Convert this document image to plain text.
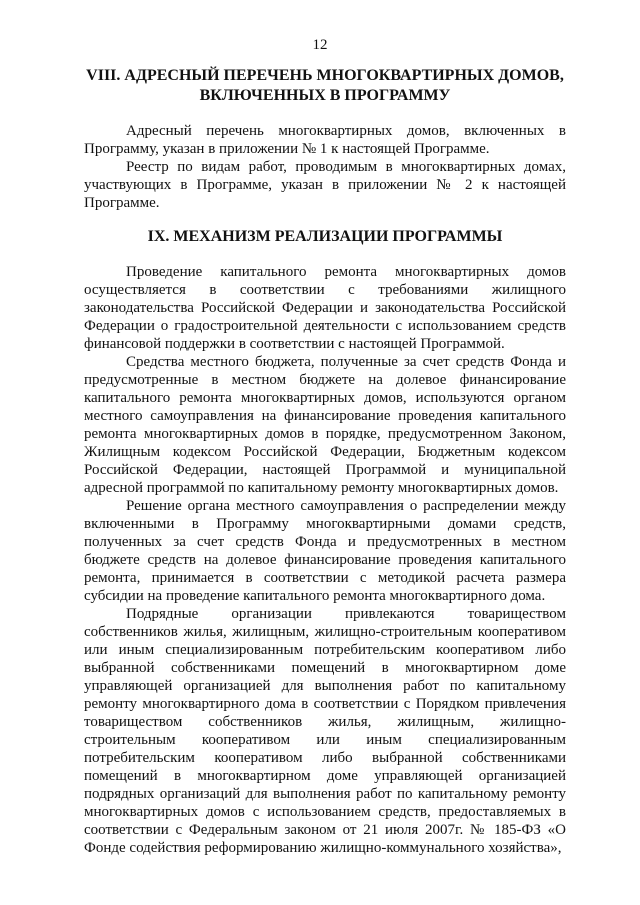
12
VIII. АДРЕСНЫЙ ПЕРЕЧЕНЬ МНОГОКВАРТИРНЫХ ДОМОВ,
ВКЛЮЧЕННЫХ В ПРОГРАММУ

Адресный перечень многоквартирных домов, включенных в Программу, указан в приложении № 1 к настоящей Программе.

Реестр по видам работ, проводимым в многоквартирных домах, участвующих в Программе, указан в приложении № 2 к настоящей Программе.

IX. МЕХАНИЗМ РЕАЛИЗАЦИИ ПРОГРАММЫ

Проведение капитального ремонта многоквартирных домов осуществляется в соответствии с требованиями жилищного законодательства Российской Федерации и законодательства Российской Федерации о градостроительной деятельности с использованием средств финансовой поддержки в соответствии с настоящей Программой.

Средства местного бюджета, полученные за счет средств Фонда и предусмотренные в местном бюджете на долевое финансирование капитального ремонта многоквартирных домов, используются органом местного самоуправления на финансирование проведения капитального ремонта многоквартирных домов в порядке, предусмотренном Законом, Жилищным кодексом Российской Федерации, Бюджетным кодексом Российской Федерации, настоящей Программой и муниципальной адресной программой по капитальному ремонту многоквартирных домов.

Решение органа местного самоуправления о распределении между включенными в Программу многоквартирными домами средств, полученных за счет средств Фонда и предусмотренных в местном бюджете средств на долевое финансирование проведения капитального ремонта, принимается в соответствии с методикой расчета размера субсидии на проведение капитального ремонта многоквартирного дома.

Подрядные организации привлекаются товариществом собственников жилья, жилищным, жилищно-строительным кооперативом или иным специализированным потребительским кооперативом либо выбранной собственниками помещений в многоквартирном доме управляющей организацией для выполнения работ по капитальному ремонту многоквартирного дома в соответствии с Порядком привлечения товариществом собственников жилья, жилищным, жилищно-строительным кооперативом или иным специализированным потребительским кооперативом либо выбранной собственниками помещений в многоквартирном доме управляющей организацией подрядных организаций для выполнения работ по капитальному ремонту многоквартирных домов с использованием средств, предоставляемых в соответствии с Федеральным законом от 21 июля 2007г. № 185-ФЗ «О Фонде содействия реформированию жилищно-коммунального хозяйства»,
